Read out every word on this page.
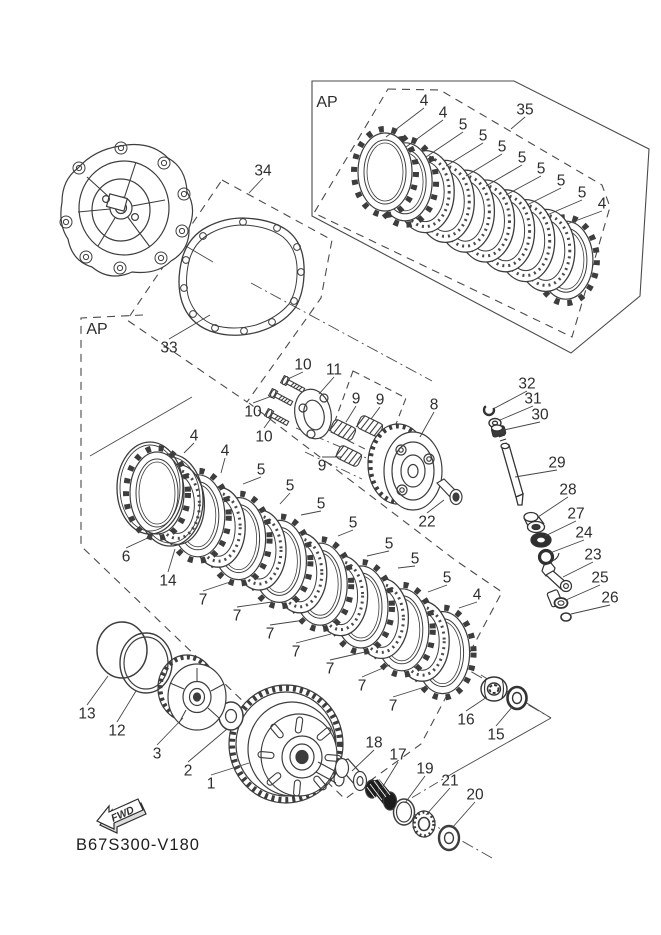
FWD
B67S300-V180
4
4
5
5
5
5
5
5
5
4
35
34
33
10
10
10
11
9 9
9
8
22
32
31
30
29
28
27
24
23
25
26
4
4
5
5
5
5
5
5
5
4
6
14
7
7
7
7
7
7
7
13
12
3
2
1
16
15
18
17
19
21
20
AP
AP
